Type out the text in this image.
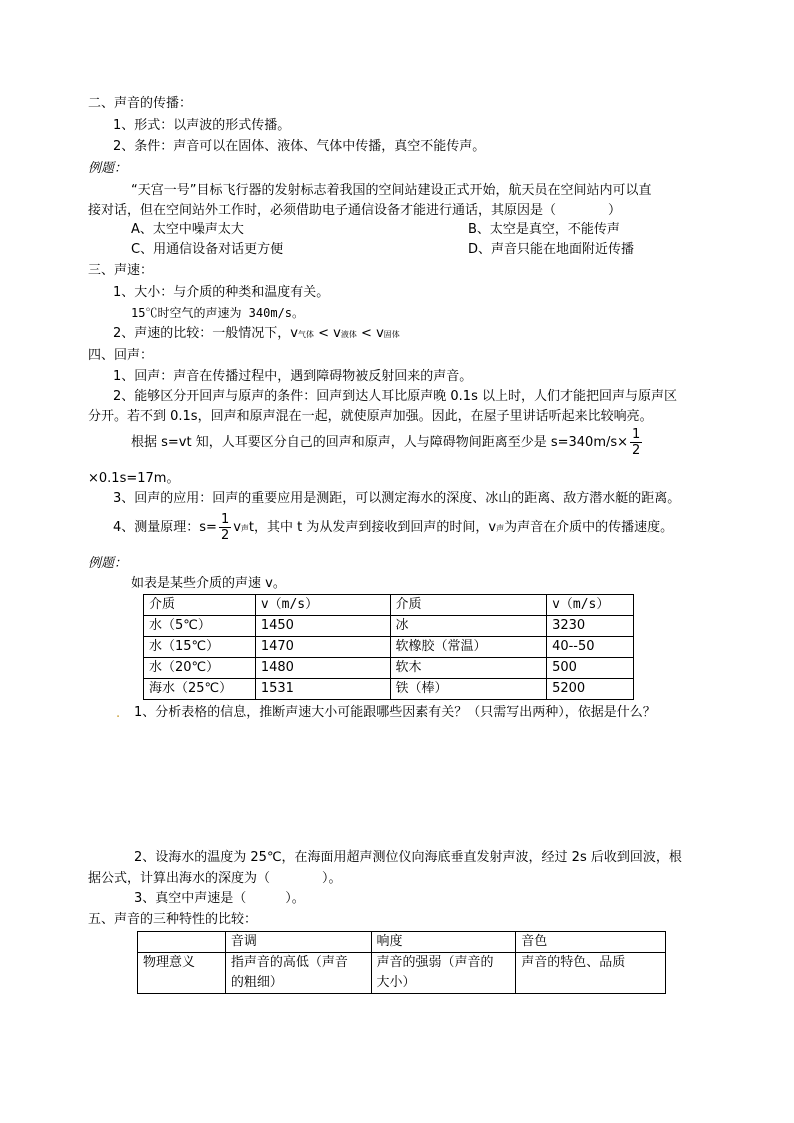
二、声音的传播：
1、形式：以声波的形式传播。
2、条件：声音可以在固体、液体、气体中传播，真空不能传声。
例题：
“天宫一号”目标飞行器的发射标志着我国的空间站建设正式开始，航天员在空间站内可以直
接对话，但在空间站外工作时，必须借助电子通信设备才能进行通话，其原因是（　　　　）
A、太空中噪声太大	B、太空是真空，不能传声
C、用通信设备对话更方便	D、声音只能在地面附近传播
三、声速：
1、大小：与介质的种类和温度有关。
15℃时空气的声速为 340m/s。
2、声速的比较：一般情况下，v气体 < v液体 < v固体
四、回声：
1、回声：声音在传播过程中，遇到障碍物被反射回来的声音。
2、能够区分开回声与原声的条件：回声到达人耳比原声晚 0.1s 以上时，人们才能把回声与原声区
分开。若不到 0.1s，回声和原声混在一起，就使原声加强。因此，在屋子里讲话听起来比较响亮。
根据 s=vt 知，人耳要区分自己的回声和原声，人与障碍物间距离至少是 $s=340m/s\times \frac{1}{2}$
×0.1s=17m。
3、回声的应用：回声的重要应用是测距，可以测定海水的深度、冰山的距离、敌方潜水艇的距离。
4、测量原理：$s= \frac{1}{2}$ v声t，其中 t 为从发声到接收到回声的时间，v声为声音在介质中的传播速度。
例题：
如表是某些介质的声速 v。
介质	v（m/s）	介质	v（m/s）
水（5℃）	1450	冰	3230
水（15℃）	1470	软橡胶（常温）	40--50
水（20℃）	1480	软木	500
海水（25℃）	1531	铁（棒）	5200
. 1、分析表格的信息，推断声速大小可能跟哪些因素有关？（只需写出两种），依据是什么？
2、设海水的温度为 25℃，在海面用超声测位仪向海底垂直发射声波，经过 2s 后收到回波，根
据公式，计算出海水的深度为（　　　　）。
3、真空中声速是（　　　）。
五、声音的三种特性的比较：
	音调	响度	音色
物理意义	指声音的高低（声音
的粗细）	声音的强弱（声音的
大小）	声音的特色、品质
